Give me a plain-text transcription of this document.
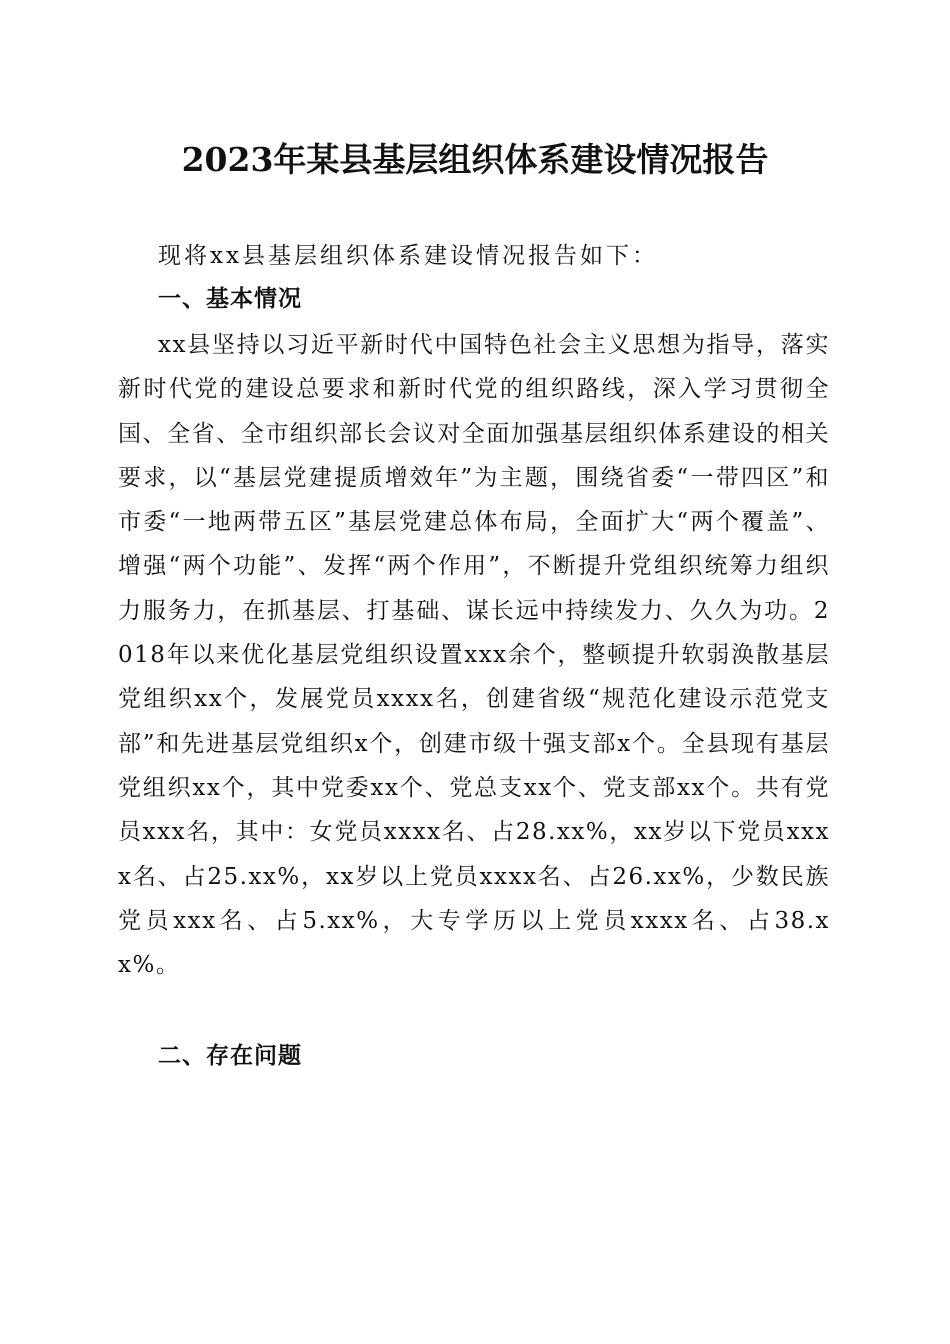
2023年某县基层组织体系建设情况报告
现将xx县基层组织体系建设情况报告如下：
一、基本情况
xx县坚持以习近平新时代中国特色社会主义思想为指导，落实新时代党的建设总要求和新时代党的组织路线，深入学习贯彻全国、全省、全市组织部长会议对全面加强基层组织体系建设的相关要求，以“基层党建提质增效年”为主题，围绕省委“一带四区”和市委“一地两带五区”基层党建总体布局，全面扩大“两个覆盖”、增强“两个功能”、发挥“两个作用”，不断提升党组织统筹力组织力服务力，在抓基层、打基础、谋长远中持续发力、久久为功。2018年以来优化基层党组织设置xxx余个，整顿提升软弱涣散基层党组织xx个，发展党员xxxx名，创建省级“规范化建设示范党支部”和先进基层党组织x个，创建市级十强支部x个。全县现有基层党组织xx个，其中党委xx个、党总支xx个、党支部xx个。共有党员xxx名，其中：女党员xxxx名、占28.xx%，xx岁以下党员xxxx名、占25.xx%，xx岁以上党员xxxx名、占26.xx%，少数民族党员xxx名、占5.xx%，大专学历以上党员xxxx名、占38.xx%。
二、存在问题
